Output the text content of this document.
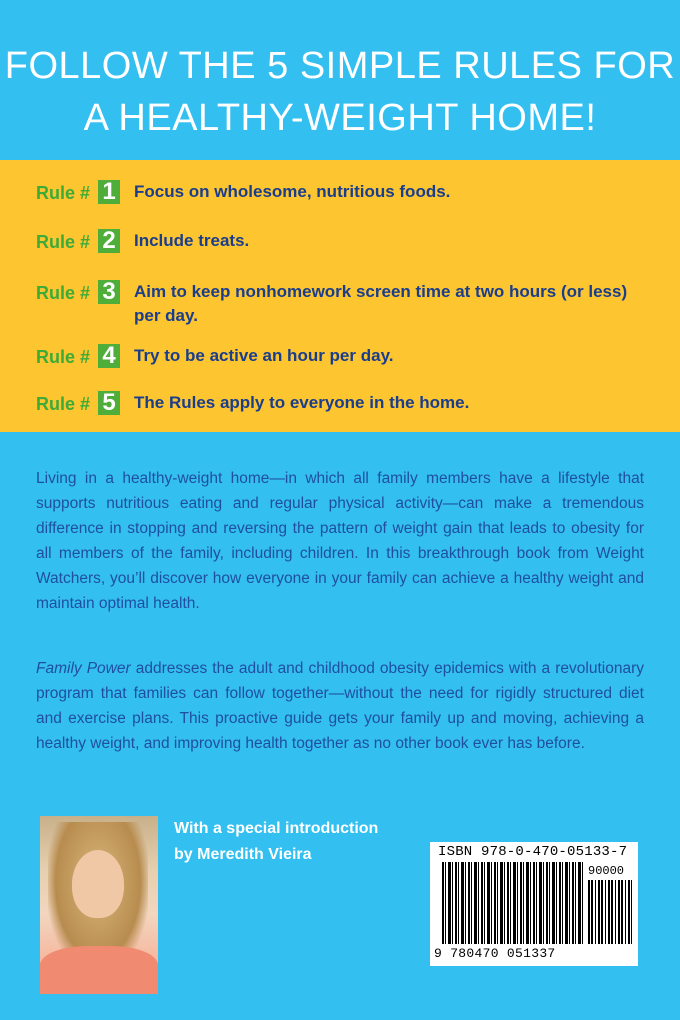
FOLLOW THE 5 SIMPLE RULES FOR
A HEALTHY-WEIGHT HOME!
Rule # 1 Focus on wholesome, nutritious foods.
Rule # 2 Include treats.
Rule # 3 Aim to keep nonhomework screen time at two hours (or less) per day.
Rule # 4 Try to be active an hour per day.
Rule # 5 The Rules apply to everyone in the home.

Living in a healthy-weight home—in which all family members have a lifestyle that supports nutritious eating and regular physical activity—can make a tremendous difference in stopping and reversing the pattern of weight gain that leads to obesity for all members of the family, including children. In this breakthrough book from Weight Watchers, you’ll discover how everyone in your family can achieve a healthy weight and maintain optimal health.

Family Power addresses the adult and childhood obesity epidemics with a revolutionary program that families can follow together—without the need for rigidly structured diet and exercise plans. This proactive guide gets your family up and moving, achieving a healthy weight, and improving health together as no other book ever has before.

With a special introduction
by Meredith Vieira	ISBN 978-0-470-05133-7
90000
9 780470 051337
